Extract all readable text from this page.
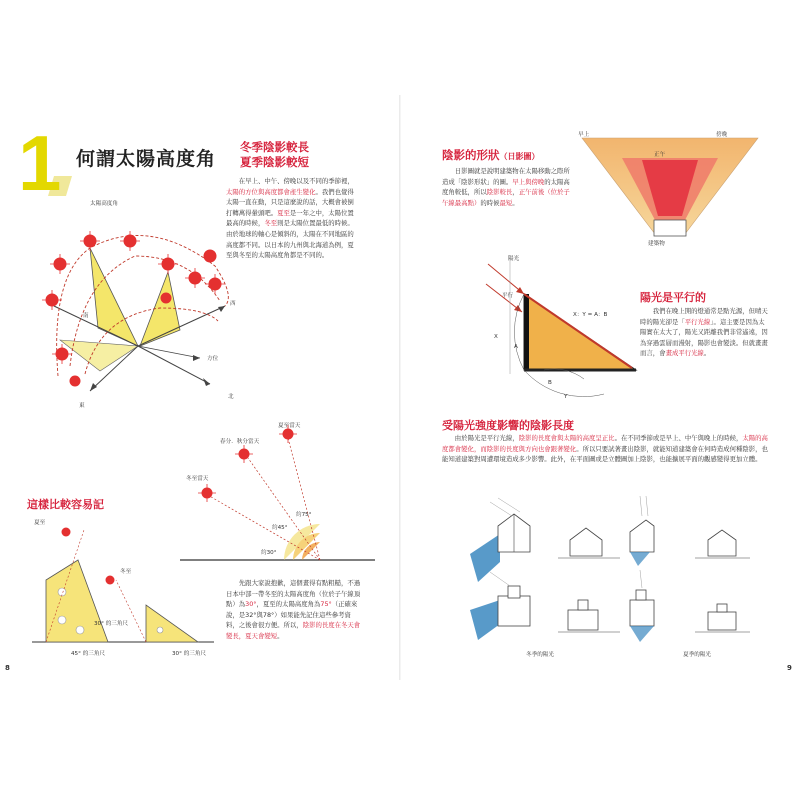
1 何謂太陽高度角
冬季陰影較長
夏季陰影較短
在早上、中午、傍晚以及不同的季節裡，太陽的方位與高度都會產生變化。我們也覺得太陽一直在動，只是這麼說的話，大概會被倒打轉萬得暈頭吧。夏至是一年之中，太陽位置最高的時候，冬至則是太陽位置最低的時候。由於地球的軸心是傾斜的，太陽在不同地區的高度都不同。以日本的九州與北海道為例，夏至與冬至的太陽高度角都是不同的。
太陽高度角
南
西
方位
北
東
夏至當天
春分．秋分當天
冬至當天
約75°
約45°
約30°
這樣比較容易記
夏至
冬至
30° 的三角尺
45° 的三角尺	30° 的三角尺
先跟大家說抱歉，這個畫得有點粗糙，不過日本中部一帶冬至的太陽高度角（位於子午線頂點）為30°，夏至的太陽高度角為75°（正確來說，是32°與78°）如果能先記住這些參考資料，之後會很方便。所以，陰影的長度在冬天會變長，夏天會變短。
8
陰影的形狀（日影圖）
日影圖就是說明建築物在太陽移動之際所造成「陰影形狀」的圖。早上與傍晚的太陽高度角較低，所以陰影較長，正午前後（位於子午線最高點）的時候最短。
早上	傍晚
正午
建築物
陽光
平行
X：Y = A：B
X
A
B
Y
陽光是平行的
我們在晚上開的燈通常是點光源，但晴天時的陽光卻是「平行光線」。這主要是因為太陽實在太大了，陽光又距離我們非常遙遠，因為穿過雲層而漫射，陽影也會變淡。但就畫畫而言，會畫成平行光線。
受陽光強度影響的陰影長度
由於陽光是平行光線，陰影的長度會與太陽的高度呈正比。在不同季節或是早上、中午與晚上的時候，太陽的高度都會變化，而陰影的長度與方向也會跟著變化。所以只要試著畫出陰影，就能知道建築會在何時造成何種陰影，也能知道建築對周遭環境造成多少影響。此外，在平面圖或是立體圖加上陰影，也能擴展平面的觀感變得更加立體。
冬季的陽光	夏季的陽光
9
